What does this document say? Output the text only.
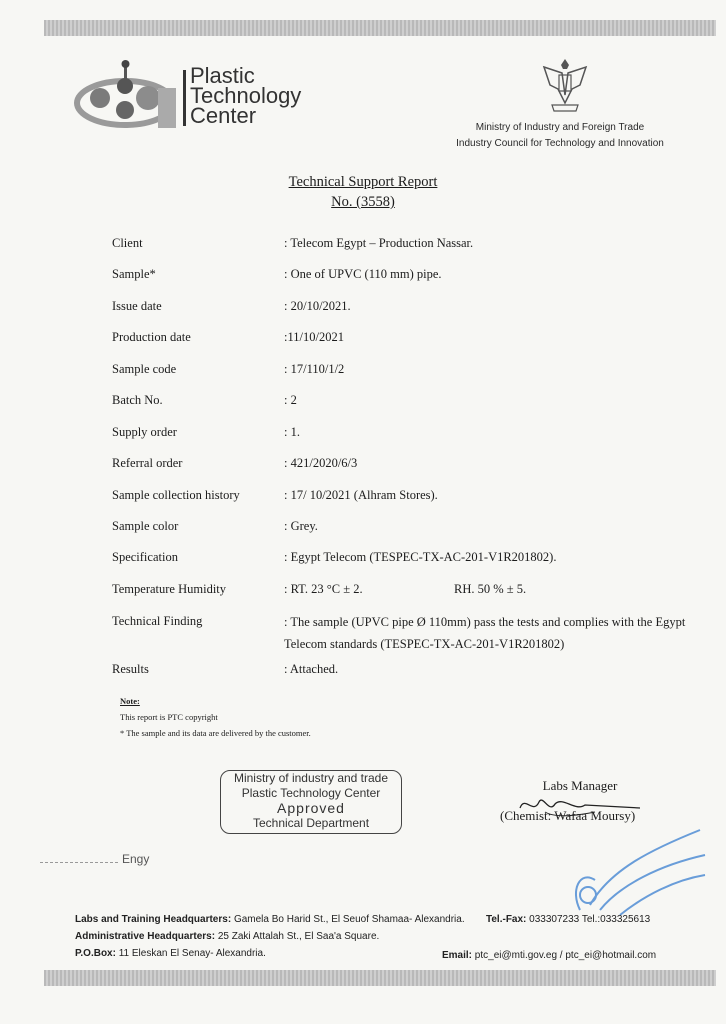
Plastic
Technology
Center	Ministry of Industry and Foreign Trade
Industry Council for Technology and Innovation
Technical Support Report
No. (3558)
Client	: Telecom Egypt – Production Nassar.
Sample*	: One of UPVC (110 mm) pipe.
Issue date	: 20/10/2021.
Production date	:11/10/2021
Sample code	: 17/110/1/2
Batch No.	: 2
Supply order	: 1.
Referral order	: 421/2020/6/3
Sample collection history	: 17/ 10/2021 (Alhram Stores).
Sample color	: Grey.
Specification	: Egypt Telecom (TESPEC-TX-AC-201-V1R201802).
Temperature Humidity	: RT. 23 °C ± 2.	RH. 50 % ± 5.
Technical Finding	: The sample (UPVC pipe Ø 110mm) pass the tests and complies with the Egypt Telecom standards (TESPEC-TX-AC-201-V1R201802)
Results	: Attached.
Note:
This report is PTC copyright
* The sample and its data are delivered by the customer.
Ministry of industry and trade
Plastic Technology Center
Approved
Technical Department
Labs Manager
(Chemist: Wafaa Moursy)
Engy
Labs and Training Headquarters: Gamela Bo Harid St., El Seuof Shamaa- Alexandria. Tel.-Fax: 033307233 Tel.:033325613
Administrative Headquarters: 25 Zaki Attalah St., El Saa'a Square.
P.O.Box: 11 Eleskan El Senay- Alexandria.	Email: ptc_ei@mti.gov.eg / ptc_ei@hotmail.com
